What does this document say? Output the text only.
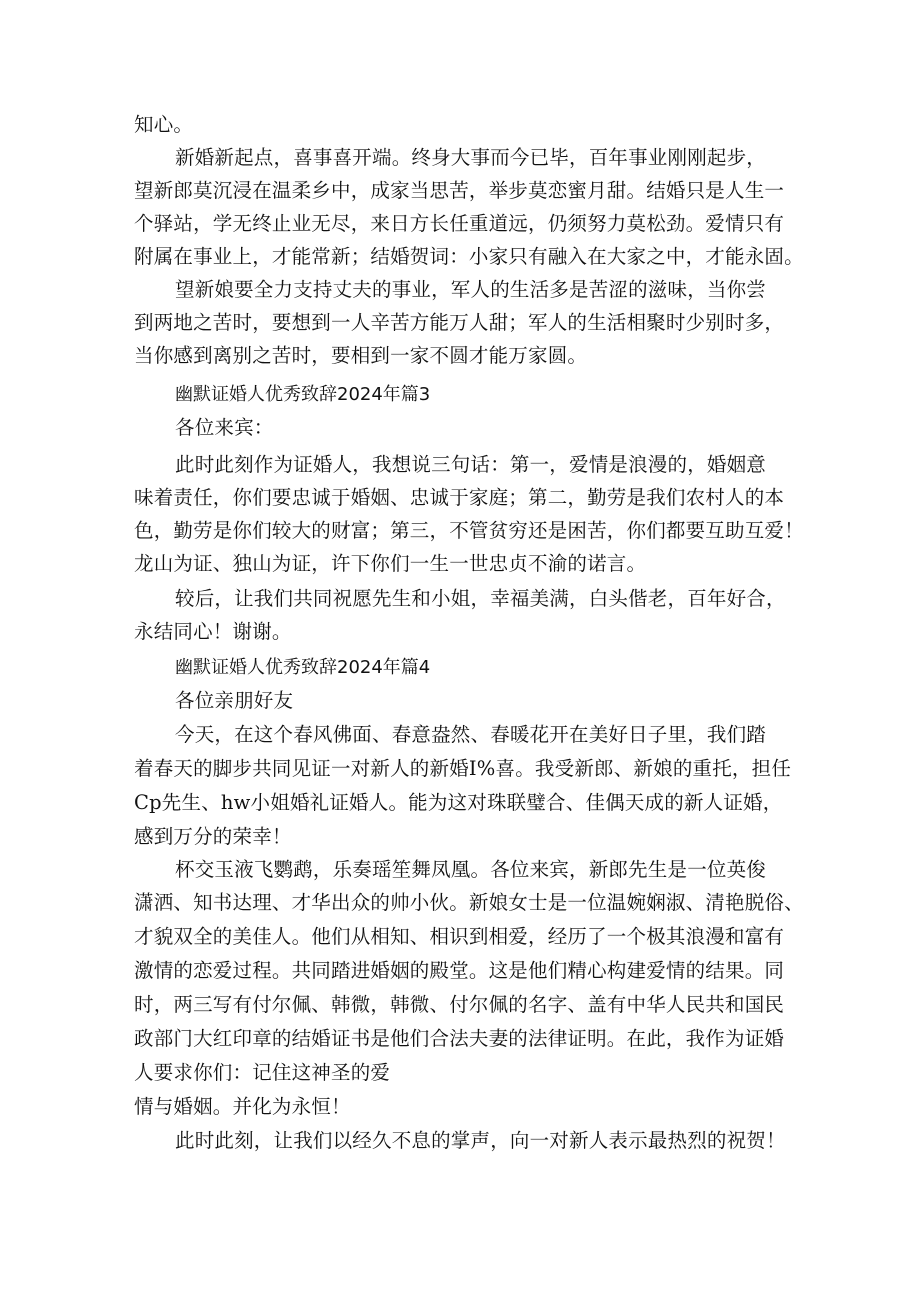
知心。
新婚新起点，喜事喜开端。终身大事而今已毕，百年事业刚刚起步，
望新郎莫沉浸在温柔乡中，成家当思苦，举步莫恋蜜月甜。结婚只是人生一
个驿站，学无终止业无尽，来日方长任重道远，仍须努力莫松劲。爱情只有
附属在事业上，才能常新；结婚贺词：小家只有融入在大家之中，才能永固。
望新娘要全力支持丈夫的事业，军人的生活多是苦涩的滋味，当你尝
到两地之苦时，要想到一人辛苦方能万人甜；军人的生活相聚时少别时多，
当你感到离别之苦时，要相到一家不圆才能万家圆。
幽默证婚人优秀致辞2024年篇3
各位来宾：
此时此刻作为证婚人，我想说三句话：第一，爱情是浪漫的，婚姻意
味着责任，你们要忠诚于婚姻、忠诚于家庭；第二，勤劳是我们农村人的本
色，勤劳是你们较大的财富；第三，不管贫穷还是困苦，你们都要互助互爱！
龙山为证、独山为证，许下你们一生一世忠贞不渝的诺言。
较后，让我们共同祝愿先生和小姐，幸福美满，白头偕老，百年好合，
永结同心！谢谢。
幽默证婚人优秀致辞2024年篇4
各位亲朋好友
今天，在这个春风佛面、春意盎然、春暖花开在美好日子里，我们踏
着春天的脚步共同见证一对新人的新婚I%喜。我受新郎、新娘的重托，担任
Cp先生、hw小姐婚礼证婚人。能为这对珠联璧合、佳偶天成的新人证婚，
感到万分的荣幸！
杯交玉液飞鹦鹉，乐奏瑶笙舞凤凰。各位来宾，新郎先生是一位英俊
潇洒、知书达理、才华出众的帅小伙。新娘女士是一位温婉娴淑、清艳脱俗、
才貌双全的美佳人。他们从相知、相识到相爱，经历了一个极其浪漫和富有
激情的恋爱过程。共同踏进婚姻的殿堂。这是他们精心构建爱情的结果。同
时，两三写有付尔佩、韩微，韩微、付尔佩的名字、盖有中华人民共和国民
政部门大红印章的结婚证书是他们合法夫妻的法律证明。在此，我作为证婚
人要求你们：记住这神圣的爱
情与婚姻。并化为永恒！
此时此刻，让我们以经久不息的掌声，向一对新人表示最热烈的祝贺！
